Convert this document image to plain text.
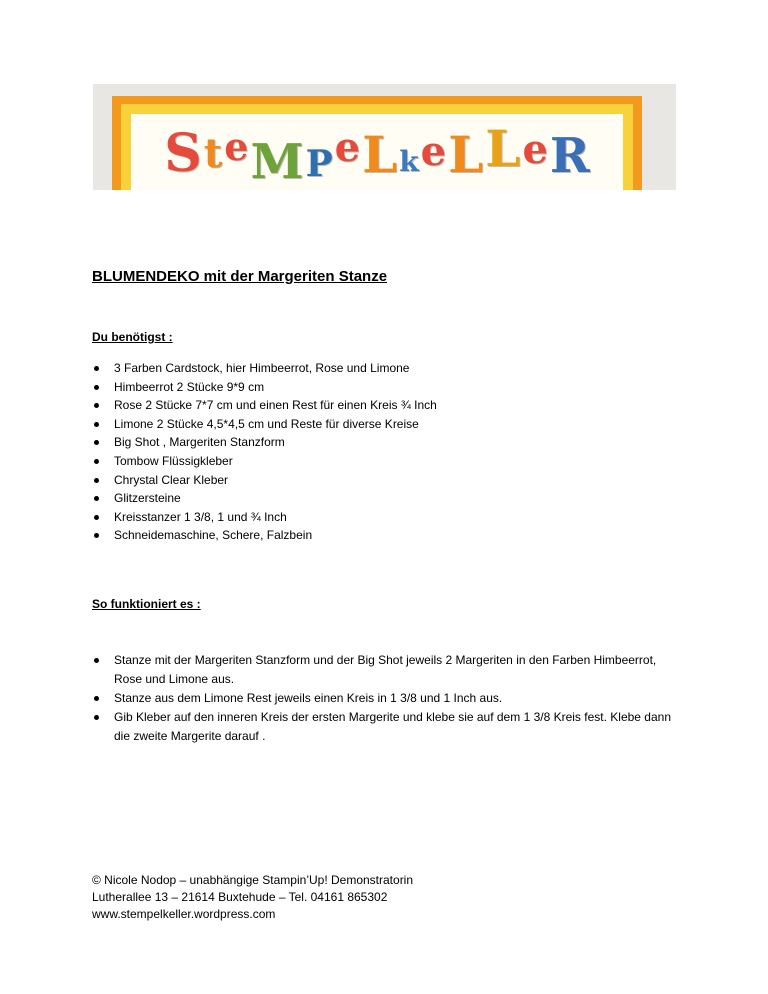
S t e M P e L k e L L e R
BLUMENDEKO mit der Margeriten Stanze
Du benötigst :
3 Farben Cardstock, hier Himbeerrot, Rose und Limone
Himbeerrot 2 Stücke 9*9 cm
Rose 2 Stücke 7*7 cm und einen Rest für einen Kreis ¾ Inch
Limone 2 Stücke 4,5*4,5 cm und Reste für diverse Kreise
Big Shot , Margeriten Stanzform
Tombow Flüssigkleber
Chrystal Clear Kleber
Glitzersteine
Kreisstanzer 1 3/8, 1 und ¾ Inch
Schneidemaschine, Schere, Falzbein
So funktioniert es :
Stanze mit der Margeriten Stanzform und der Big Shot jeweils 2 Margeriten in den Farben Himbeerrot, Rose und Limone aus.
Stanze aus dem Limone Rest jeweils einen Kreis in 1 3/8 und 1 Inch aus.
Gib Kleber auf den inneren Kreis der ersten Margerite und klebe sie auf dem 1 3/8 Kreis fest. Klebe dann die zweite Margerite darauf .
© Nicole Nodop – unabhängige Stampin’Up! Demonstratorin
Lutherallee 13 – 21614 Buxtehude – Tel. 04161 865302
www.stempelkeller.wordpress.com
